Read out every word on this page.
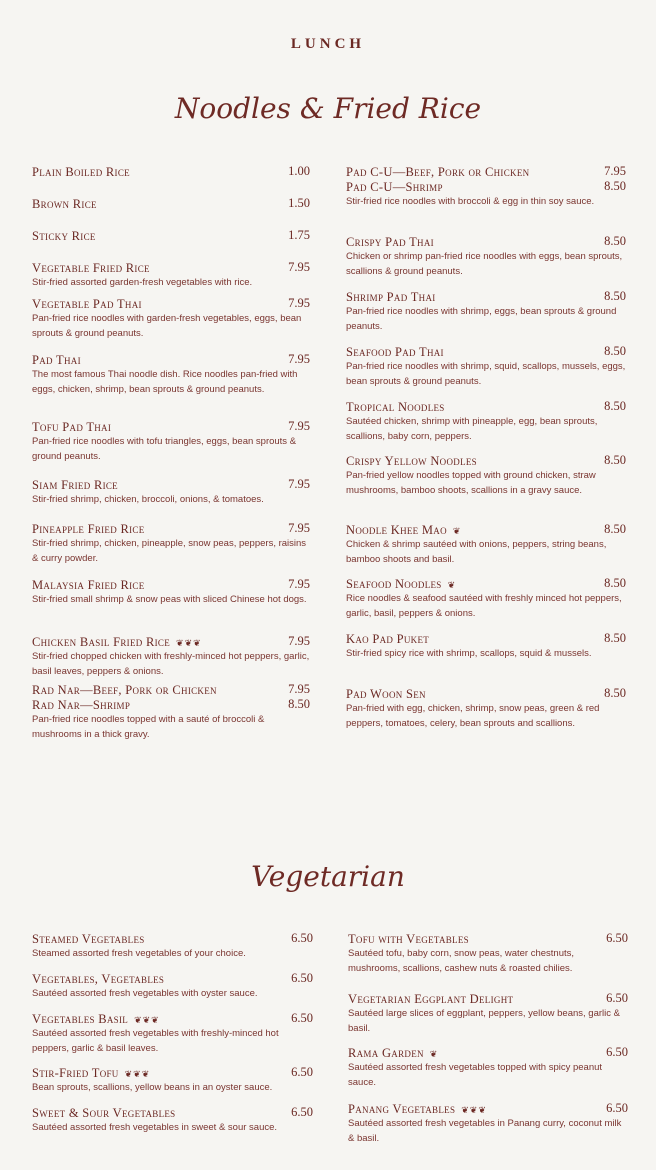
LUNCH
Noodles & Fried Rice
Plain Boiled Rice	1.00
Brown Rice	1.50
Sticky Rice	1.75
Vegetable Fried Rice	7.95
Stir-fried assorted garden-fresh vegetables with rice.
Vegetable Pad Thai	7.95
Pan-fried rice noodles with garden-fresh vegetables, eggs, bean sprouts & ground peanuts.
Pad Thai	7.95
The most famous Thai noodle dish. Rice noodles pan-fried with eggs, chicken, shrimp, bean sprouts & ground peanuts.
Tofu Pad Thai	7.95
Pan-fried rice noodles with tofu triangles, eggs, bean sprouts & ground peanuts.
Siam Fried Rice	7.95
Stir-fried shrimp, chicken, broccoli, onions, & tomatoes.
Pineapple Fried Rice	7.95
Stir-fried shrimp, chicken, pineapple, snow peas, peppers, raisins & curry powder.
Malaysia Fried Rice	7.95
Stir-fried small shrimp & snow peas with sliced Chinese hot dogs.
Chicken Basil Fried Rice ❦❦❦	7.95
Stir-fried chopped chicken with freshly-minced hot peppers, garlic, basil leaves, peppers & onions.
Rad Nar—Beef, Pork or Chicken	7.95
Rad Nar—Shrimp	8.50
Pan-fried rice noodles topped with a sauté of broccoli & mushrooms in a thick gravy.
Pad C-U—Beef, Pork or Chicken	7.95
Pad C-U—Shrimp	8.50
Stir-fried rice noodles with broccoli & egg in thin soy sauce.
Crispy Pad Thai	8.50
Chicken or shrimp pan-fried rice noodles with eggs, bean sprouts, scallions & ground peanuts.
Shrimp Pad Thai	8.50
Pan-fried rice noodles with shrimp, eggs, bean sprouts & ground peanuts.
Seafood Pad Thai	8.50
Pan-fried rice noodles with shrimp, squid, scallops, mussels, eggs, bean sprouts & ground peanuts.
Tropical Noodles	8.50
Sautéed chicken, shrimp with pineapple, egg, bean sprouts, scallions, baby corn, peppers.
Crispy Yellow Noodles	8.50
Pan-fried yellow noodles topped with ground chicken, straw mushrooms, bamboo shoots, scallions in a gravy sauce.
Noodle Khee Mao ❦	8.50
Chicken & shrimp sautéed with onions, peppers, string beans, bamboo shoots and basil.
Seafood Noodles ❦	8.50
Rice noodles & seafood sautéed with freshly minced hot peppers, garlic, basil, peppers & onions.
Kao Pad Puket	8.50
Stir-fried spicy rice with shrimp, scallops, squid & mussels.
Pad Woon Sen	8.50
Pan-fried with egg, chicken, shrimp, snow peas, green & red peppers, tomatoes, celery, bean sprouts and scallions.
Vegetarian
Steamed Vegetables	6.50
Steamed assorted fresh vegetables of your choice.
Vegetables, Vegetables	6.50
Sautéed assorted fresh vegetables with oyster sauce.
Vegetables Basil ❦❦❦	6.50
Sautéed assorted fresh vegetables with freshly-minced hot peppers, garlic & basil leaves.
Stir-Fried Tofu ❦❦❦	6.50
Bean sprouts, scallions, yellow beans in an oyster sauce.
Sweet & Sour Vegetables	6.50
Sautéed assorted fresh vegetables in sweet & sour sauce.
Tofu with Vegetables	6.50
Sautéed tofu, baby corn, snow peas, water chestnuts, mushrooms, scallions, cashew nuts & roasted chilies.
Vegetarian Eggplant Delight	6.50
Sautéed large slices of eggplant, peppers, yellow beans, garlic & basil.
Rama Garden ❦	6.50
Sautéed assorted fresh vegetables topped with spicy peanut sauce.
Panang Vegetables ❦❦❦	6.50
Sautéed assorted fresh vegetables in Panang curry, coconut milk & basil.
